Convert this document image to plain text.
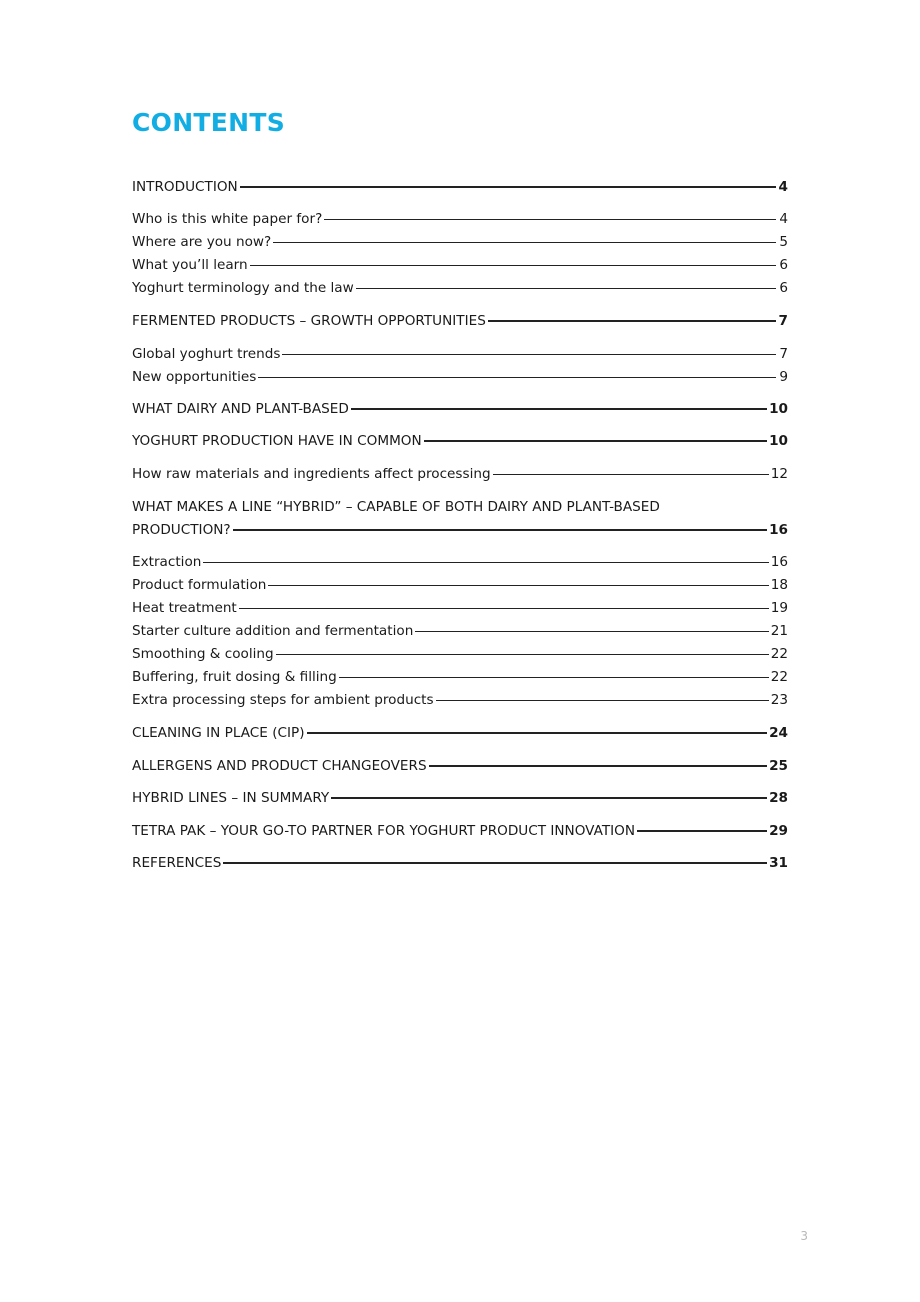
CONTENTS
INTRODUCTION	4
Who is this white paper for?	4
Where are you now?	5
What you’ll learn	6
Yoghurt terminology and the law	6
FERMENTED PRODUCTS – GROWTH OPPORTUNITIES	7
Global yoghurt trends	7
New opportunities	9
WHAT DAIRY AND PLANT-BASED	10
YOGHURT PRODUCTION HAVE IN COMMON	10
How raw materials and ingredients affect processing	12
WHAT MAKES A LINE “HYBRID” – CAPABLE OF BOTH DAIRY AND PLANT-BASED
PRODUCTION?	16
Extraction	16
Product formulation	18
Heat treatment	19
Starter culture addition and fermentation	21
Smoothing & cooling	22
Buffering, fruit dosing & filling	22
Extra processing steps for ambient products	23
CLEANING IN PLACE (CIP)	24
ALLERGENS AND PRODUCT CHANGEOVERS	25
HYBRID LINES – IN SUMMARY	28
TETRA PAK – YOUR GO-TO PARTNER FOR YOGHURT PRODUCT INNOVATION	29
REFERENCES	31
3
